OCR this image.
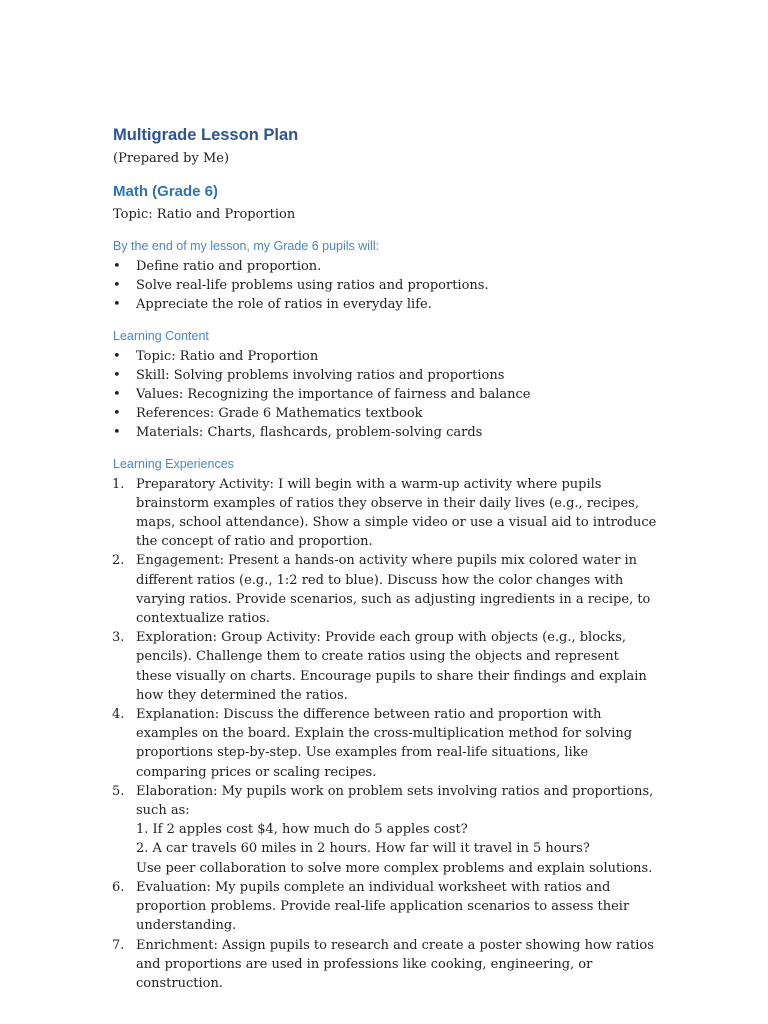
Multigrade Lesson Plan

(Prepared by Me)

Math (Grade 6)

Topic: Ratio and Proportion

By the end of my lesson, my Grade 6 pupils will:
• Define ratio and proportion.
• Solve real-life problems using ratios and proportions.
• Appreciate the role of ratios in everyday life.
Learning Content
• Topic: Ratio and Proportion
• Skill: Solving problems involving ratios and proportions
• Values: Recognizing the importance of fairness and balance
• References: Grade 6 Mathematics textbook
• Materials: Charts, flashcards, problem-solving cards
Learning Experiences
1. Preparatory Activity: I will begin with a warm-up activity where pupils brainstorm examples of ratios they observe in their daily lives (e.g., recipes, maps, school attendance). Show a simple video or use a visual aid to introduce the concept of ratio and proportion.
2. Engagement: Present a hands-on activity where pupils mix colored water in different ratios (e.g., 1:2 red to blue). Discuss how the color changes with varying ratios. Provide scenarios, such as adjusting ingredients in a recipe, to contextualize ratios.
3. Exploration: Group Activity: Provide each group with objects (e.g., blocks, pencils). Challenge them to create ratios using the objects and represent these visually on charts. Encourage pupils to share their findings and explain how they determined the ratios.
4. Explanation: Discuss the difference between ratio and proportion with examples on the board. Explain the cross-multiplication method for solving proportions step-by-step. Use examples from real-life situations, like comparing prices or scaling recipes.
5. Elaboration: My pupils work on problem sets involving ratios and proportions, such as:
1. If 2 apples cost $4, how much do 5 apples cost?
2. A car travels 60 miles in 2 hours. How far will it travel in 5 hours?
Use peer collaboration to solve more complex problems and explain solutions.
6. Evaluation: My pupils complete an individual worksheet with ratios and proportion problems. Provide real-life application scenarios to assess their understanding.
7. Enrichment: Assign pupils to research and create a poster showing how ratios and proportions are used in professions like cooking, engineering, or construction.
